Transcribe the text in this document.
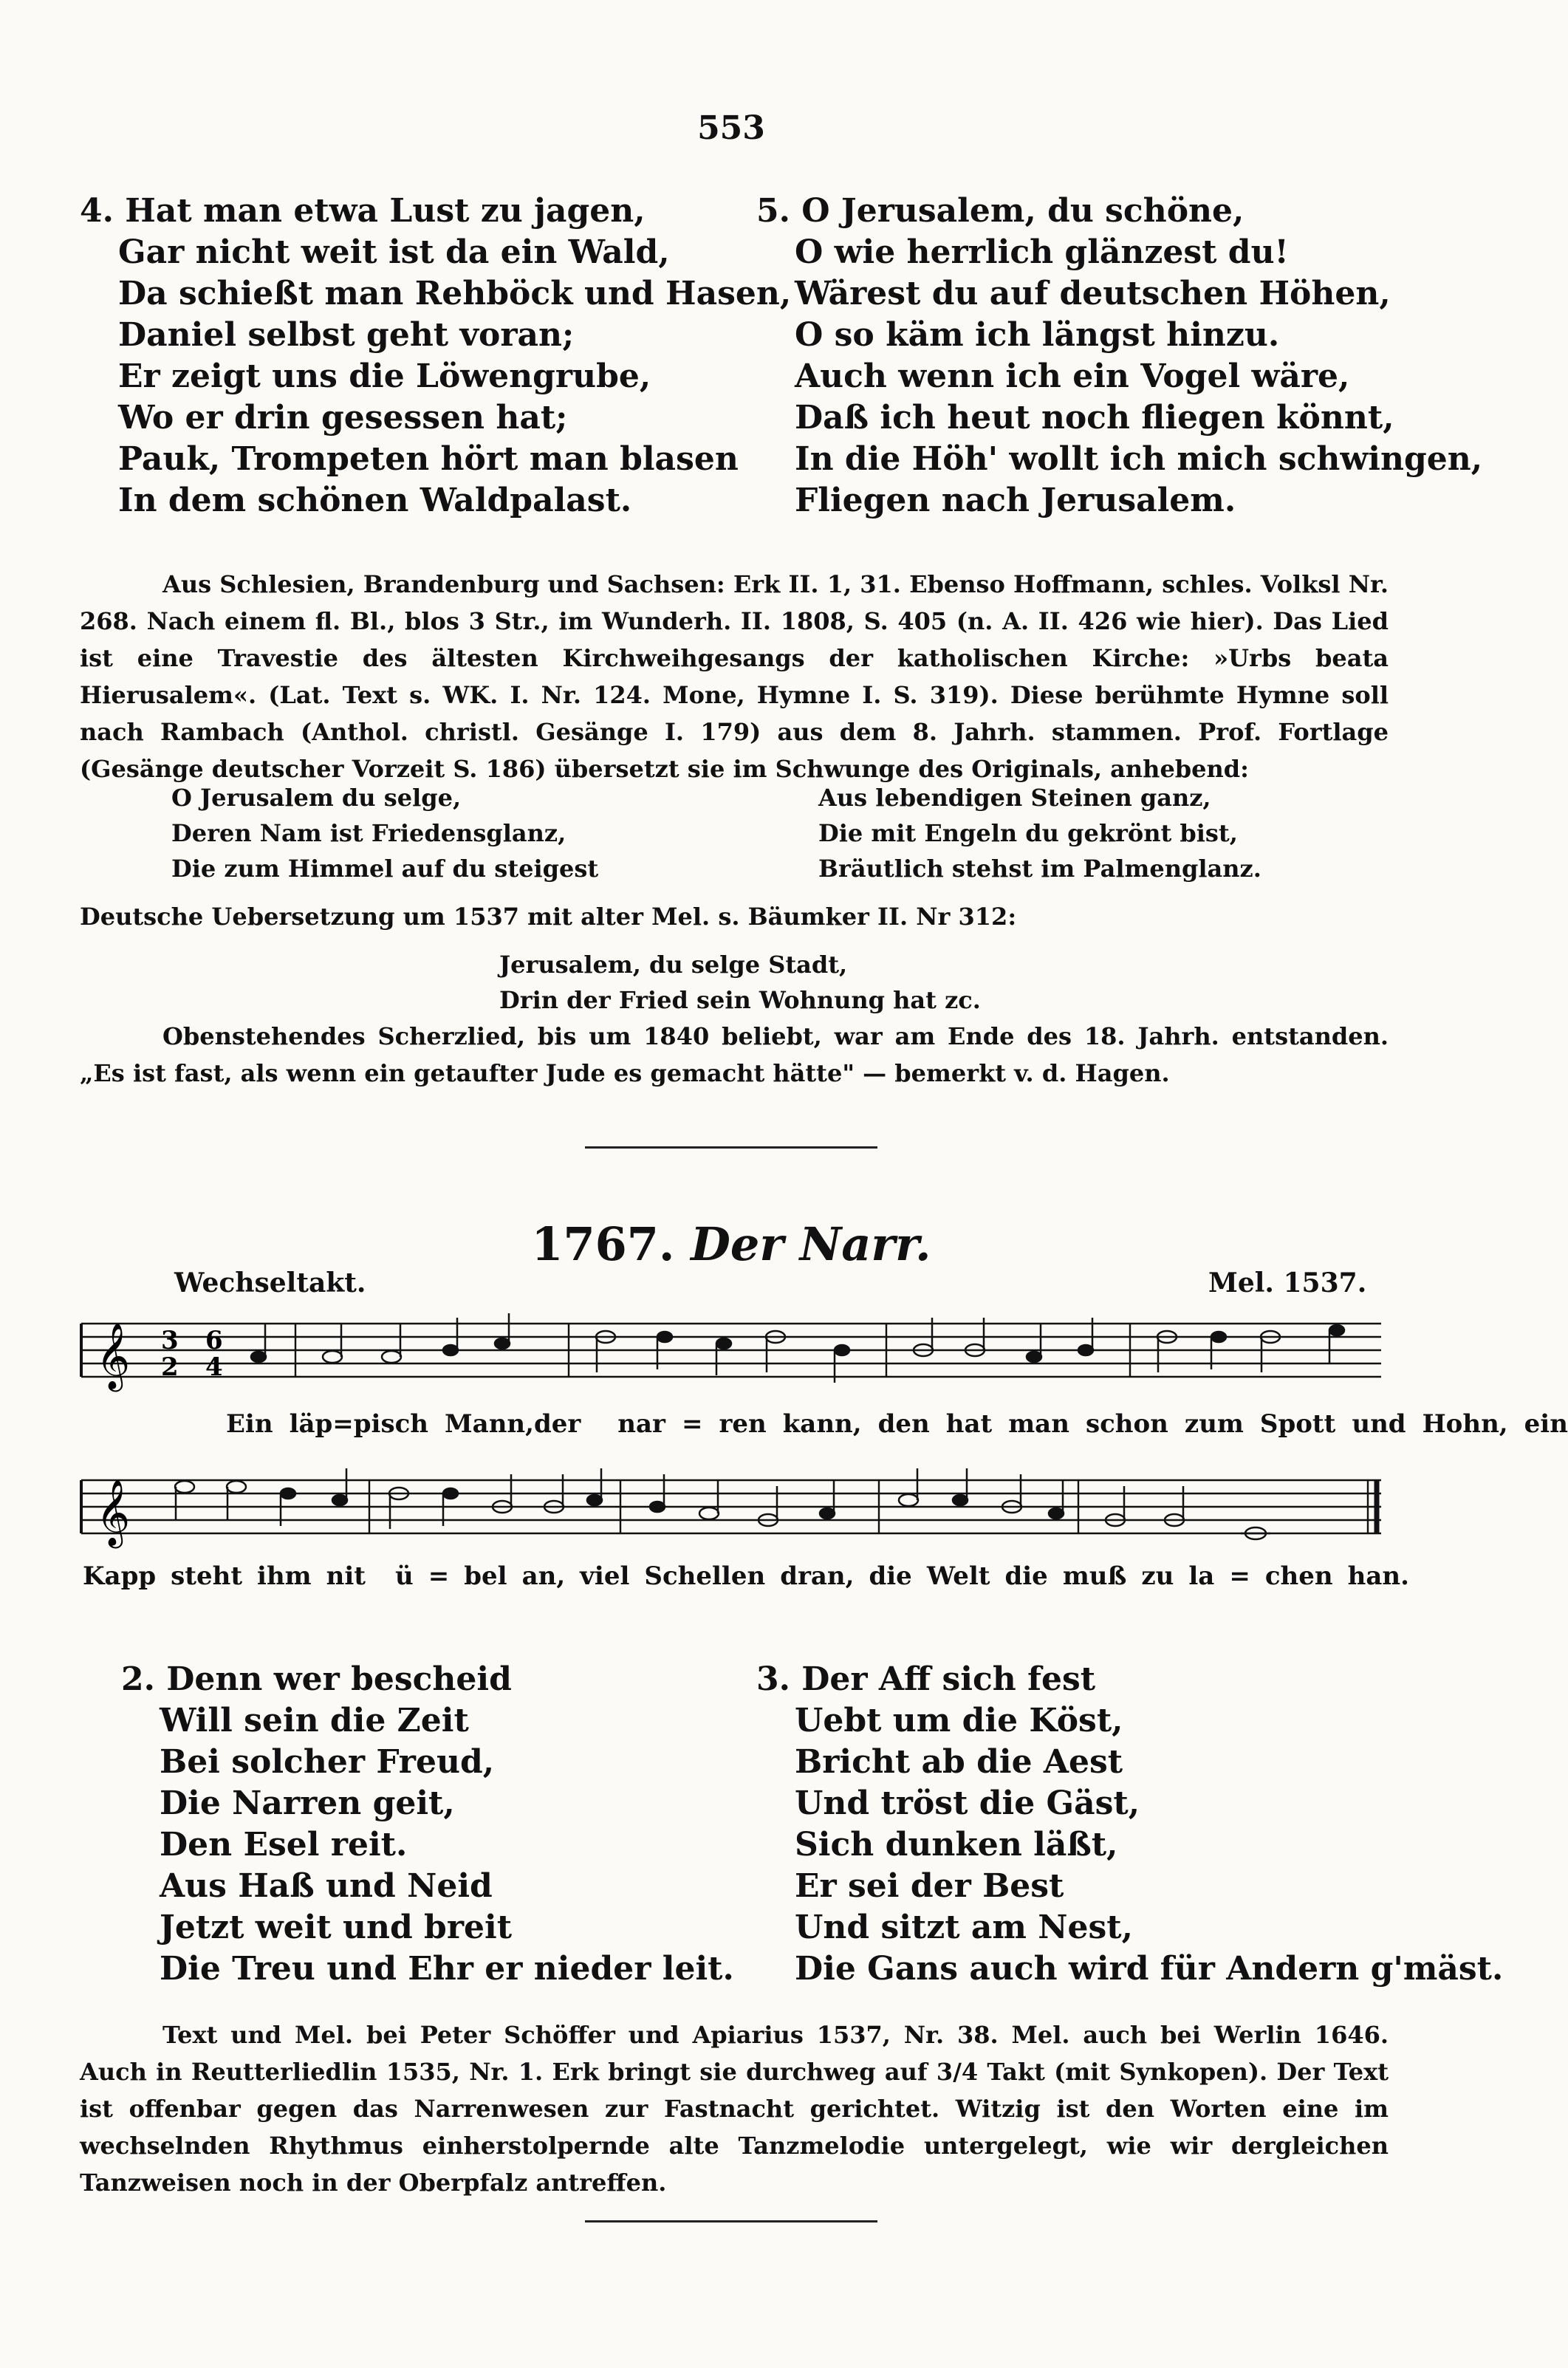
553
4. Hat man etwa Lust zu jagen,
Gar nicht weit ist da ein Wald,
Da schießt man Rehböck und Hasen,
Daniel selbst geht voran;
Er zeigt uns die Löwengrube,
Wo er drin gesessen hat;
Pauk, Trompeten hört man blasen
In dem schönen Waldpalast.
5. O Jerusalem, du schöne,
O wie herrlich glänzest du!
Wärest du auf deutschen Höhen,
O so käm ich längst hinzu.
Auch wenn ich ein Vogel wäre,
Daß ich heut noch fliegen könnt,
In die Höh' wollt ich mich schwingen,
Fliegen nach Jerusalem.

Aus Schlesien, Brandenburg und Sachsen: Erk II. 1, 31. Ebenso Hoffmann, schles. Volksl Nr. 268. Nach einem fl. Bl., blos 3 Str., im Wunderh. II. 1808, S. 405 (n. A. II. 426 wie hier). Das Lied ist eine Travestie des ältesten Kirchweihgesangs der katholischen Kirche: »Urbs beata Hierusalem«. (Lat. Text s. WK. I. Nr. 124. Mone, Hymne I. S. 319). Diese berühmte Hymne soll nach Rambach (Anthol. christl. Gesänge I. 179) aus dem 8. Jahrh. stammen. Prof. Fortlage (Gesänge deutscher Vorzeit S. 186) übersetzt sie im Schwunge des Originals, anhebend:

O Jerusalem du selge,
Deren Nam ist Friedensglanz,
Die zum Himmel auf du steigest
Aus lebendigen Steinen ganz,
Die mit Engeln du gekrönt bist,
Bräutlich stehst im Palmenglanz.
Deutsche Uebersetzung um 1537 mit alter Mel. s. Bäumker II. Nr 312:
Jerusalem, du selge Stadt,
Drin der Fried sein Wohnung hat zc.

Obenstehendes Scherzlied, bis um 1840 beliebt, war am Ende des 18. Jahrh. entstanden. „Es ist fast, als wenn ein getaufter Jude es gemacht hätte" — bemerkt v. d. Hagen.

1767. Der Narr.
Wechseltakt.	Mel. 1537.
𝄞 3
2
6
4
Ein läp=pisch Mann,der nar = ren kann, den hat man schon zum Spott und Hohn, ein
𝄞
Kapp steht ihm nit ü = bel an, viel Schellen dran, die Welt die muß zu la = chen han.
2. Denn wer bescheid
Will sein die Zeit
Bei solcher Freud,
Die Narren geit,
Den Esel reit.
Aus Haß und Neid
Jetzt weit und breit
Die Treu und Ehr er nieder leit.
3. Der Aff sich fest
Uebt um die Köst,
Bricht ab die Aest
Und tröst die Gäst,
Sich dunken läßt,
Er sei der Best
Und sitzt am Nest,
Die Gans auch wird für Andern g'mäst.

Text und Mel. bei Peter Schöffer und Apiarius 1537, Nr. 38. Mel. auch bei Werlin 1646. Auch in Reutterliedlin 1535, Nr. 1. Erk bringt sie durchweg auf 3/4 Takt (mit Synkopen). Der Text ist offenbar gegen das Narrenwesen zur Fastnacht gerichtet. Witzig ist den Worten eine im wechselnden Rhythmus einherstolpernde alte Tanzmelodie untergelegt, wie wir dergleichen Tanzweisen noch in der Oberpfalz antreffen.
